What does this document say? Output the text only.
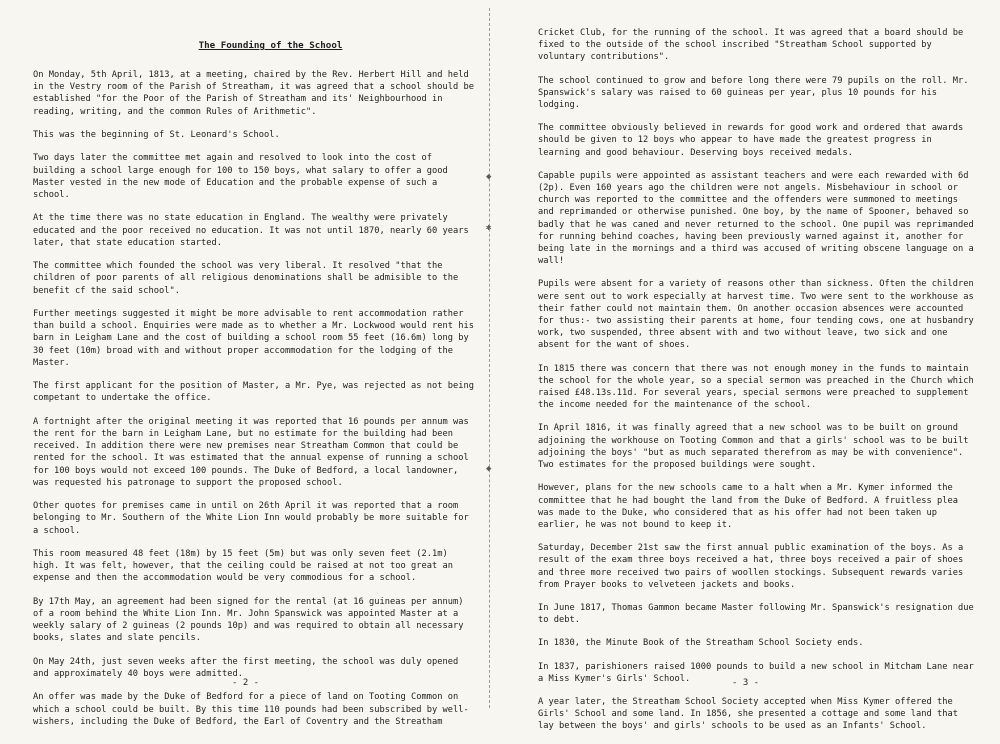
◆
✱
◆
The Founding of the School

On Monday, 5th April, 1813, at a meeting, chaired by the Rev. Herbert Hill and held in the Vestry room of the Parish of Streatham, it was agreed that a school should be established "for the Poor of the Parish of Streatham and its' Neighbourhood in reading, writing, and the common Rules of Arithmetic".

This was the beginning of St. Leonard's School.

Two days later the committee met again and resolved to look into the cost of building a school large enough for 100 to 150 boys, what salary to offer a good Master vested in the new mode of Education and the probable expense of such a school.

At the time there was no state education in England. The wealthy were privately educated and the poor received no education. It was not until 1870, nearly 60 years later, that state education started.

The committee which founded the school was very liberal. It resolved "that the children of poor parents of all religious denominations shall be admisible to the benefit cf the said school".

Further meetings suggested it might be more advisable to rent accommodation rather than build a school. Enquiries were made as to whether a Mr. Lockwood would rent his barn in Leigham Lane and the cost of building a school room 55 feet (16.6m) long by 30 feet (10m) broad with and without proper accommodation for the lodging of the Master.

The first applicant for the position of Master, a Mr. Pye, was rejected as not being competant to undertake the office.

A fortnight after the original meeting it was reported that 16 pounds per annum was the rent for the barn in Leigham Lane, but no estimate for the building had been received. In addition there were new premises near Streatham Common that could be rented for the school. It was estimated that the annual expense of running a school for 100 boys would not exceed 100 pounds. The Duke of Bedford, a local landowner, was requested his patronage to support the proposed school.

Other quotes for premises came in until on 26th April it was reported that a room belonging to Mr. Southern of the White Lion Inn would probably be more suitable for a school.

This room measured 48 feet (18m) by 15 feet (5m) but was only seven feet (2.1m) high. It was felt, however, that the ceiling could be raised at not too great an expense and then the accommodation would be very commodious for a school.

By 17th May, an agreement had been signed for the rental (at 16 guineas per annum) of a room behind the White Lion Inn. Mr. John Spanswick was appointed Master at a weekly salary of 2 guineas (2 pounds 10p) and was required to obtain all necessary books, slates and slate pencils.

On May 24th, just seven weeks after the first meeting, the school was duly opened and approximately 40 boys were admitted.

An offer was made by the Duke of Bedford for a piece of land on Tooting Common on which a school could be built. By this time 110 pounds had been subscribed by well-wishers, including the Duke of Bedford, the Earl of Coventry and the Streatham

- 2 -

Cricket Club, for the running of the school. It was agreed that a board should be fixed to the outside of the school inscribed "Streatham School supported by voluntary contributions".

The school continued to grow and before long there were 79 pupils on the roll. Mr. Spanswick's salary was raised to 60 guineas per year, plus 10 pounds for his lodging.

The committee obviously believed in rewards for good work and ordered that awards should be given to 12 boys who appear to have made the greatest progress in learning and good behaviour. Deserving boys received medals.

Capable pupils were appointed as assistant teachers and were each rewarded with 6d (2p). Even 160 years ago the children were not angels. Misbehaviour in school or church was reported to the committee and the offenders were summoned to meetings and reprimanded or otherwise punished. One boy, by the name of Spooner, behaved so badly that he was caned and never returned to the school. One pupil was reprimanded for running behind coaches, having been previously warned against it, another for being late in the mornings and a third was accused of writing obscene language on a wall!

Pupils were absent for a variety of reasons other than sickness. Often the children were sent out to work especially at harvest time. Two were sent to the workhouse as their father could not maintain them. On another occasion absences were accounted for thus:- two assisting their parents at home, four tending cows, one at husbandry work, two suspended, three absent with and two without leave, two sick and one absent for the want of shoes.

In 1815 there was concern that there was not enough money in the funds to maintain the school for the whole year, so a special sermon was preached in the Church which raised £48.13s.11d. For several years, special sermons were preached to supplement the income needed for the maintenance of the school.

In April 1816, it was finally agreed that a new school was to be built on ground adjoining the workhouse on Tooting Common and that a girls' school was to be built adjoining the boys' "but as much separated therefrom as may be with convenience". Two estimates for the proposed buildings were sought.

However, plans for the new schools came to a halt when a Mr. Kymer informed the committee that he had bought the land from the Duke of Bedford. A fruitless plea was made to the Duke, who considered that as his offer had not been taken up earlier, he was not bound to keep it.

Saturday, December 21st saw the first annual public examination of the boys. As a result of the exam three boys received a hat, three boys received a pair of shoes and three more received two pairs of woollen stockings. Subsequent rewards varies from Prayer books to velveteen jackets and books.

In June 1817, Thomas Gammon became Master following Mr. Spanswick's resignation due to debt.

In 1830, the Minute Book of the Streatham School Society ends.

In 1837, parishioners raised 1000 pounds to build a new school in Mitcham Lane near a Miss Kymer's Girls' School.

A year later, the Streatham School Society accepted when Miss Kymer offered the Girls' School and some land. In 1856, she presented a cottage and some land that lay between the boys' and girls' schools to be used as an Infants' School.

- 3 -
